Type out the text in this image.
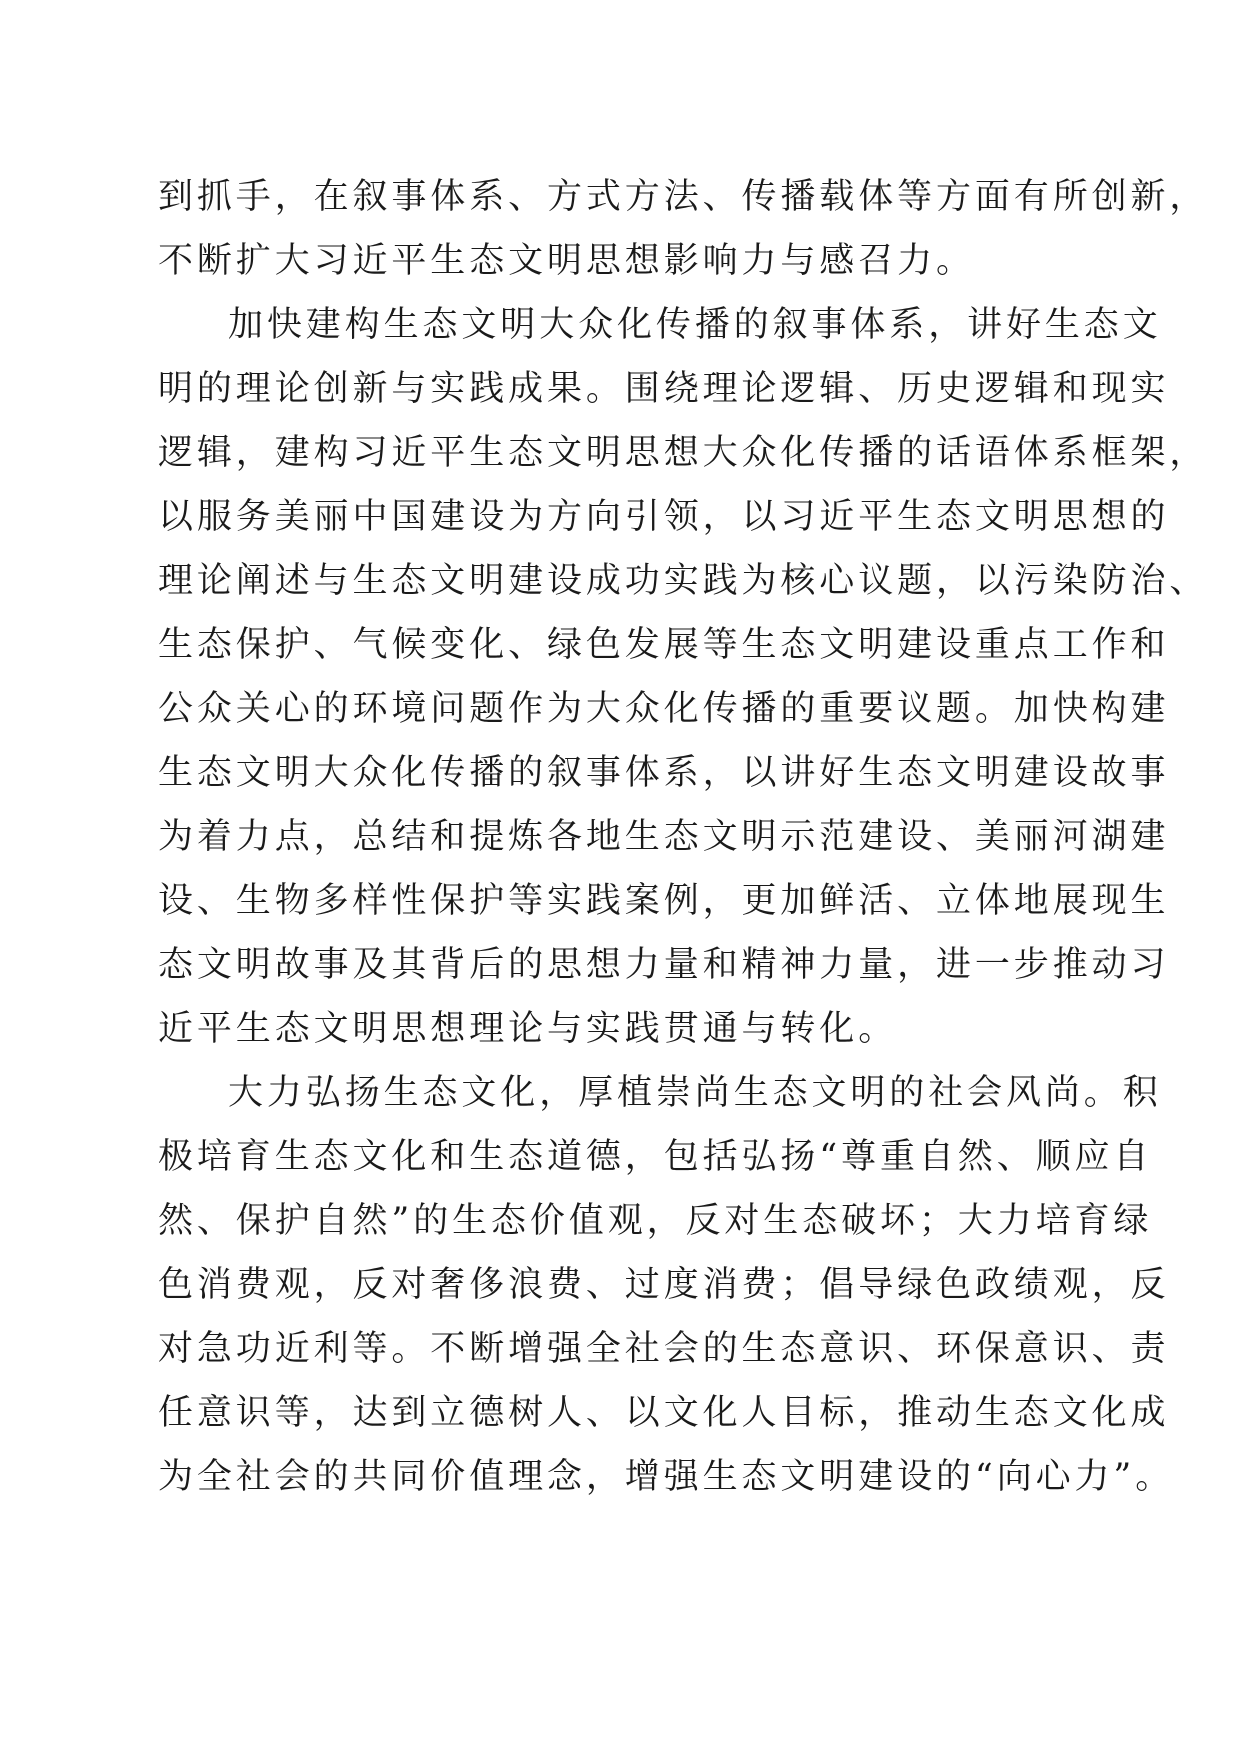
到抓手，在叙事体系、方式方法、传播载体等方面有所创新，
不断扩大习近平生态文明思想影响力与感召力。
加快建构生态文明大众化传播的叙事体系，讲好生态文
明的理论创新与实践成果。围绕理论逻辑、历史逻辑和现实
逻辑，建构习近平生态文明思想大众化传播的话语体系框架，
以服务美丽中国建设为方向引领，以习近平生态文明思想的
理论阐述与生态文明建设成功实践为核心议题，以污染防治、
生态保护、气候变化、绿色发展等生态文明建设重点工作和
公众关心的环境问题作为大众化传播的重要议题。加快构建
生态文明大众化传播的叙事体系，以讲好生态文明建设故事
为着力点，总结和提炼各地生态文明示范建设、美丽河湖建
设、生物多样性保护等实践案例，更加鲜活、立体地展现生
态文明故事及其背后的思想力量和精神力量，进一步推动习
近平生态文明思想理论与实践贯通与转化。
大力弘扬生态文化，厚植崇尚生态文明的社会风尚。积
极培育生态文化和生态道德，包括弘扬“尊重自然、顺应自
然、保护自然”的生态价值观，反对生态破坏；大力培育绿
色消费观，反对奢侈浪费、过度消费；倡导绿色政绩观，反
对急功近利等。不断增强全社会的生态意识、环保意识、责
任意识等，达到立德树人、以文化人目标，推动生态文化成
为全社会的共同价值理念，增强生态文明建设的“向心力”。
